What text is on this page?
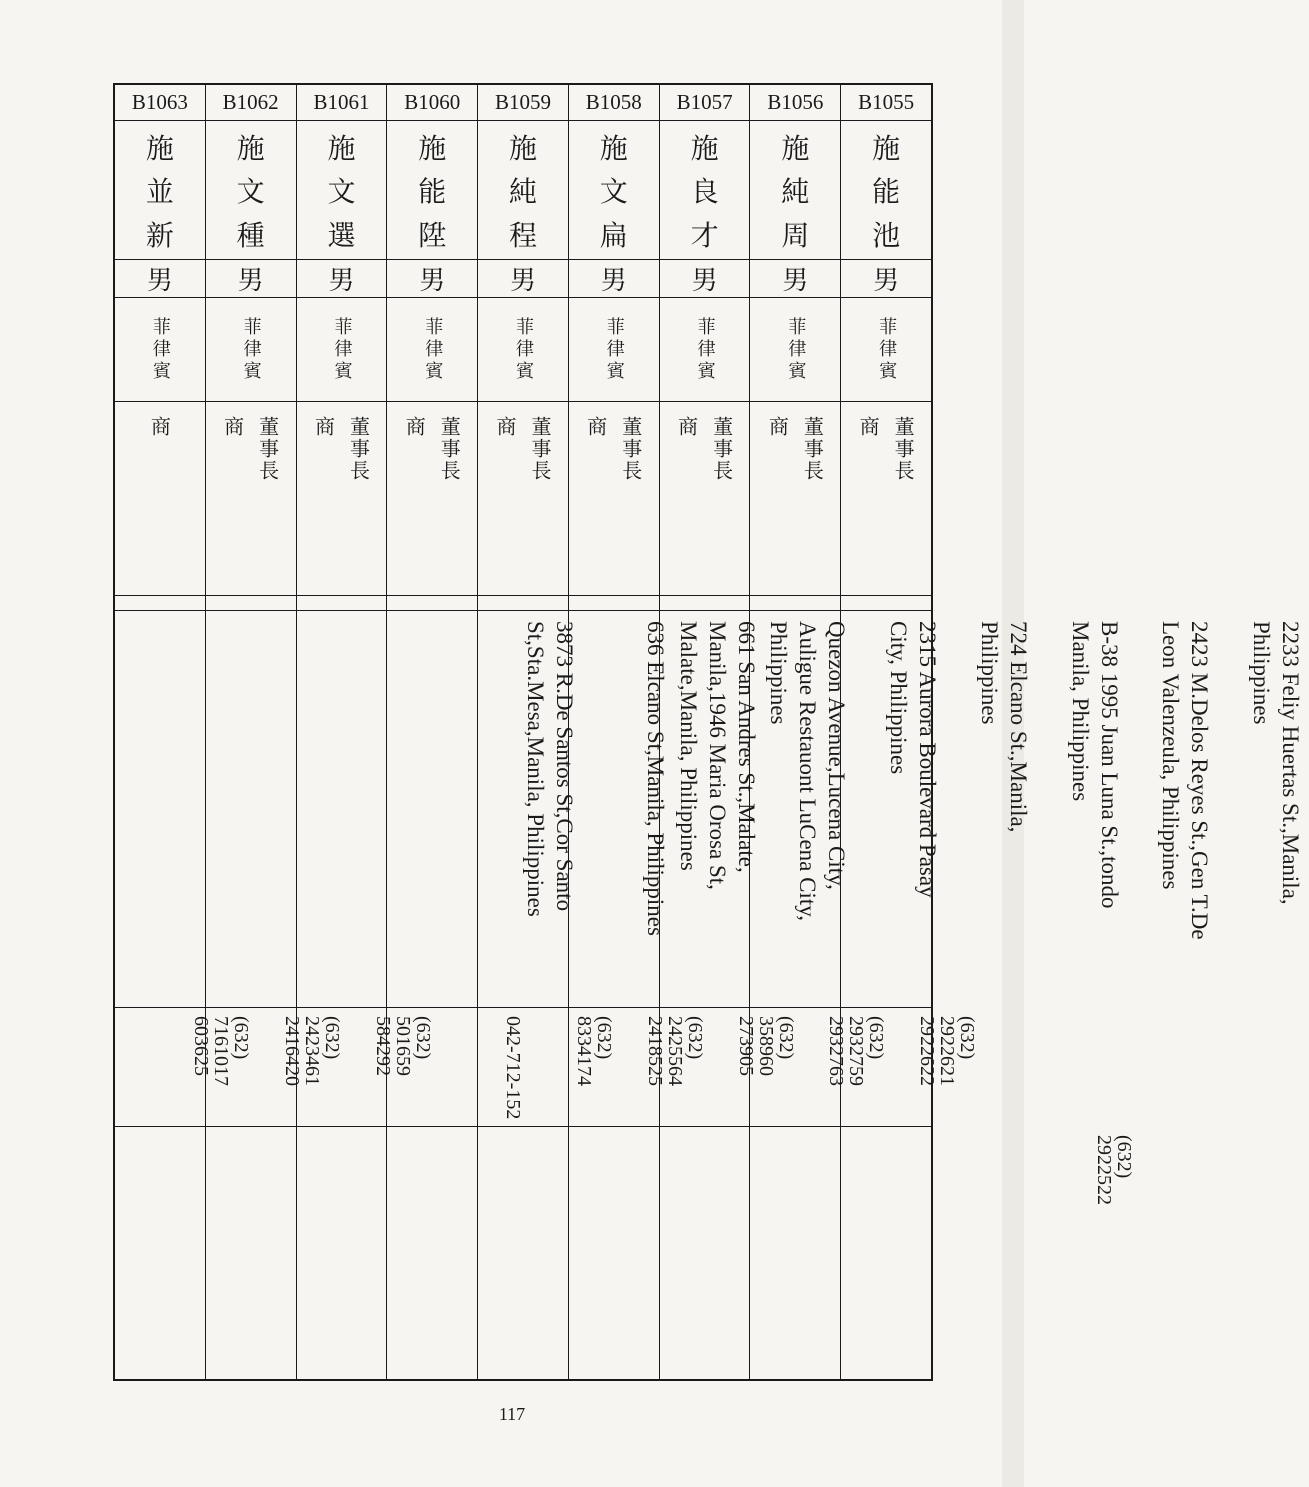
B1063
施
並
新
男
菲律賓
商
3873 R.De Santos St,Cor Santo
St,Sta.Mesa,Manila, Philippines
(632)
7161017
603625
B1062
施
文
種
男
菲律賓
商 董事長
636 Elcano St,Manila, Philippines
(632)
2423461
2416420
B1061
施
文
選
男
菲律賓
商 董事長
661 San Andres St.,Malate,
Manila,1946 Maria Orosa St,
Malate,Manila, Philippines
(632)
501659
584292
B1060
施
能
陞
男
菲律賓
商 董事長
Quezon Avenue,Lucena City,
Auligue Restauont LuCena City,
Philippines
042-712-152
B1059
施
純
程
男
菲律賓
商 董事長
2315 Aurora Boulevard Pasay
City, Philippines
(632)
8334174
B1058
施
文
扁
男
菲律賓
商 董事長
724 Elcano St.,Manila,
Philippines
(632)
2425564
2418525
B1057
施
良
才
男
菲律賓
商 董事長
B-38 1995 Juan Luna St.,tondo
Manila, Philippines
(632)
358960
273905
B1056
施
純
周
男
菲律賓
商 董事長
2423 M.Delos Reyes St.,Gen T.De
Leon Valenzeula, Philippines
(632)
2932759
2932763
B1055
施
能
池
男
菲律賓
商 董事長
2233 Feliy Huertas St.,Manila,
Philippines
(632)
2922621
2922622
(632)
2922522
117
